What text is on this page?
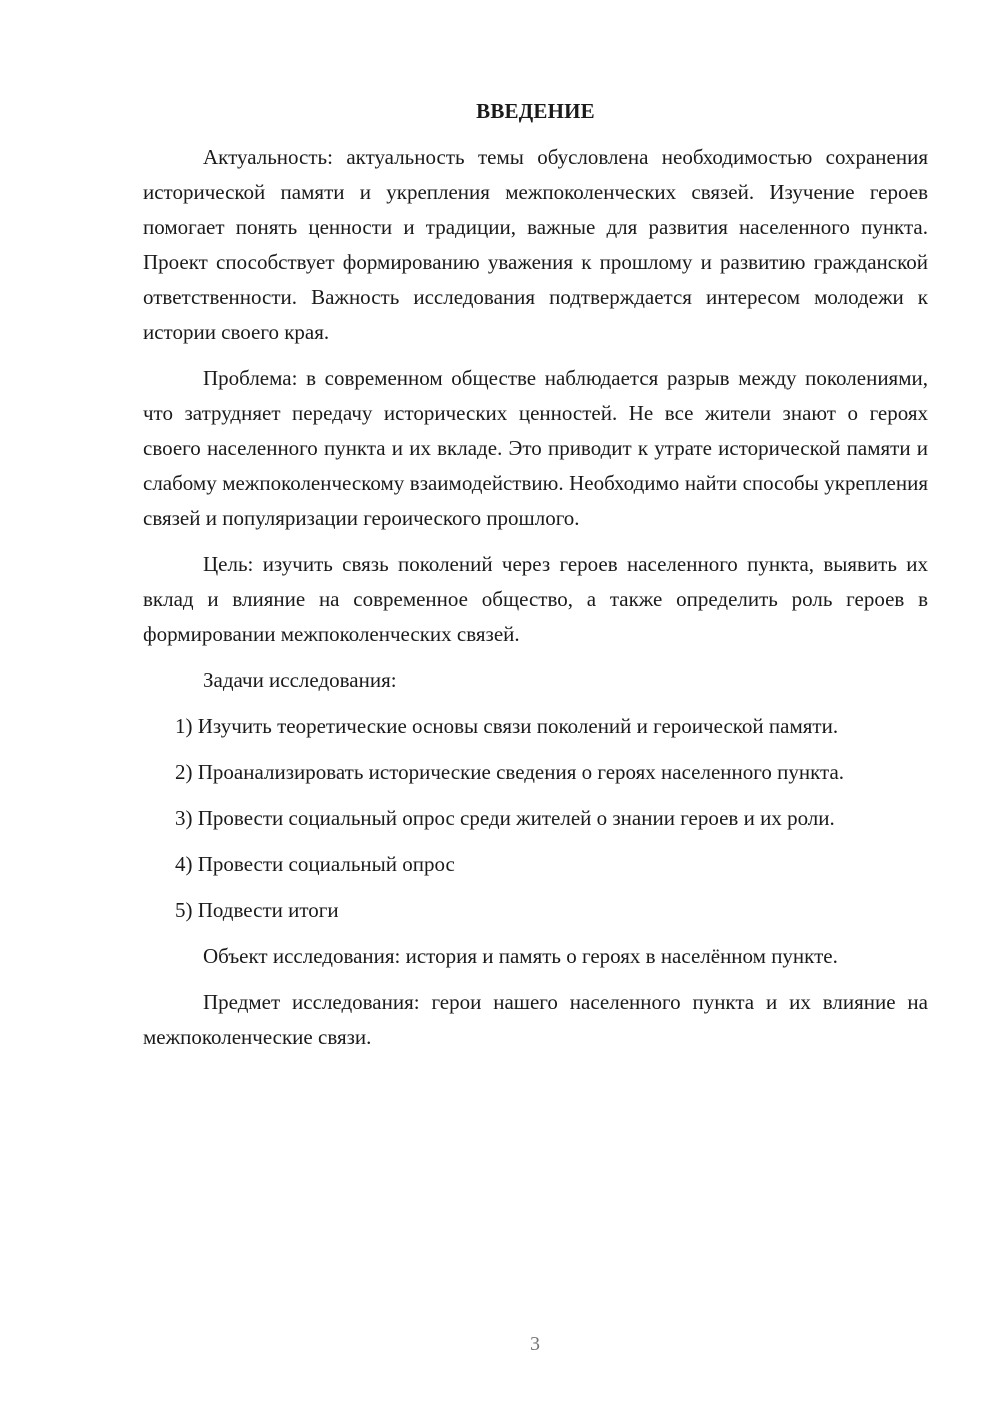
ВВЕДЕНИЕ

Актуальность: актуальность темы обусловлена необходимостью сохранения исторической памяти и укрепления межпоколенческих связей. Изучение героев помогает понять ценности и традиции, важные для развития населенного пункта. Проект способствует формированию уважения к прошлому и развитию гражданской ответственности. Важность исследования подтверждается интересом молодежи к истории своего края.

Проблема: в современном обществе наблюдается разрыв между поколениями, что затрудняет передачу исторических ценностей. Не все жители знают о героях своего населенного пункта и их вкладе. Это приводит к утрате исторической памяти и слабому межпоколенческому взаимодействию. Необходимо найти способы укрепления связей и популяризации героического прошлого.

Цель: изучить связь поколений через героев населенного пункта, выявить их вклад и влияние на современное общество, а также определить роль героев в формировании межпоколенческих связей.

Задачи исследования:

1) Изучить теоретические основы связи поколений и героической памяти.

2) Проанализировать исторические сведения о героях населенного пункта.

3) Провести социальный опрос среди жителей о знании героев и их роли.

4) Провести социальный опрос

5) Подвести итоги

Объект исследования: история и память о героях в населённом пункте.

Предмет исследования: герои нашего населенного пункта и их влияние на межпоколенческие связи.

3
